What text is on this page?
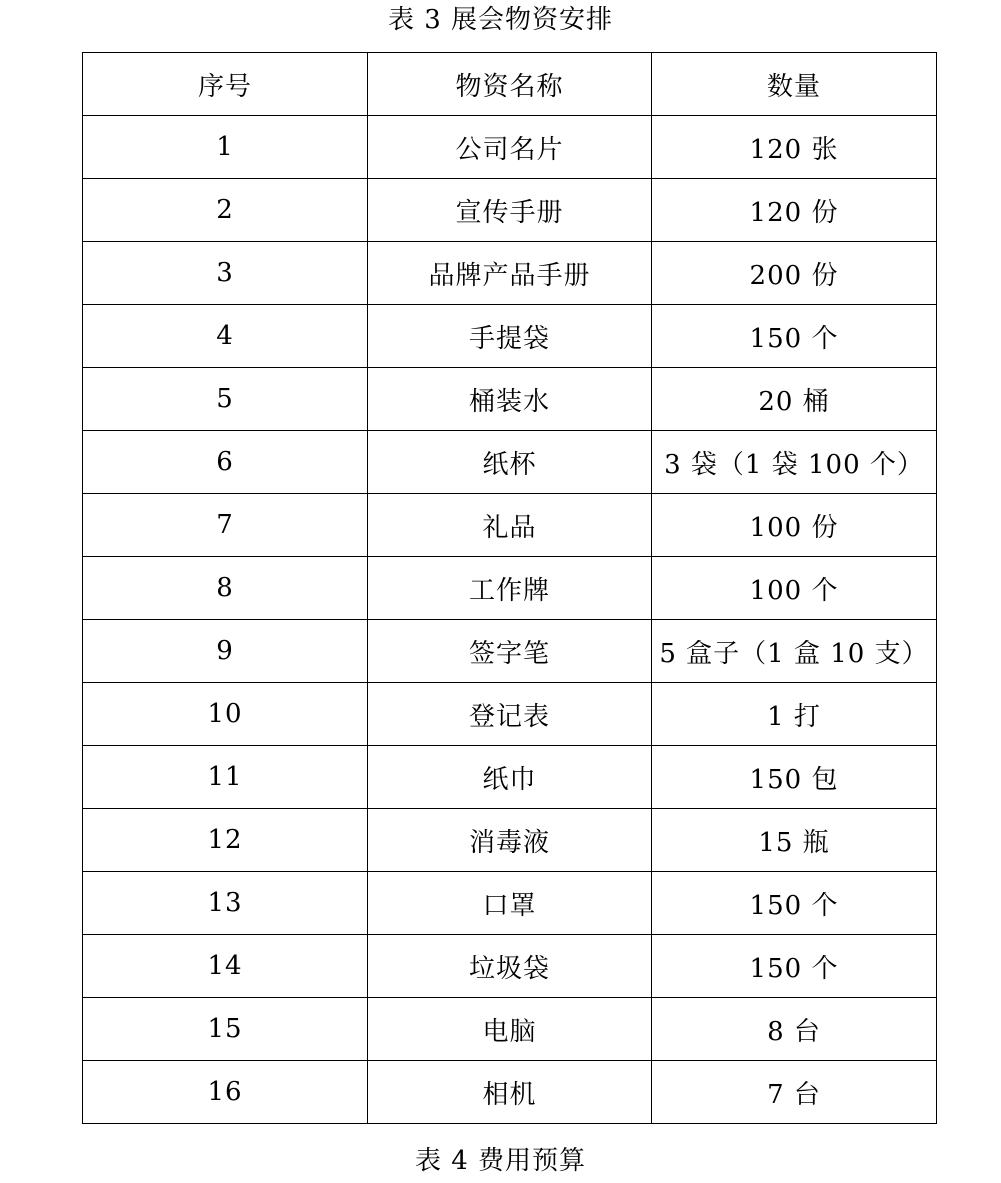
表 3 展会物资安排
序号	物资名称	数量
1	公司名片	120 张
2	宣传手册	120 份
3	品牌产品手册	200 份
4	手提袋	150 个
5	桶装水	20 桶
6	纸杯	3 袋（1 袋 100 个）
7	礼品	100 份
8	工作牌	100 个
9	签字笔	5 盒子（1 盒 10 支）
10	登记表	1 打
11	纸巾	150 包
12	消毒液	15 瓶
13	口罩	150 个
14	垃圾袋	150 个
15	电脑	8 台
16	相机	7 台
表 4 费用预算
